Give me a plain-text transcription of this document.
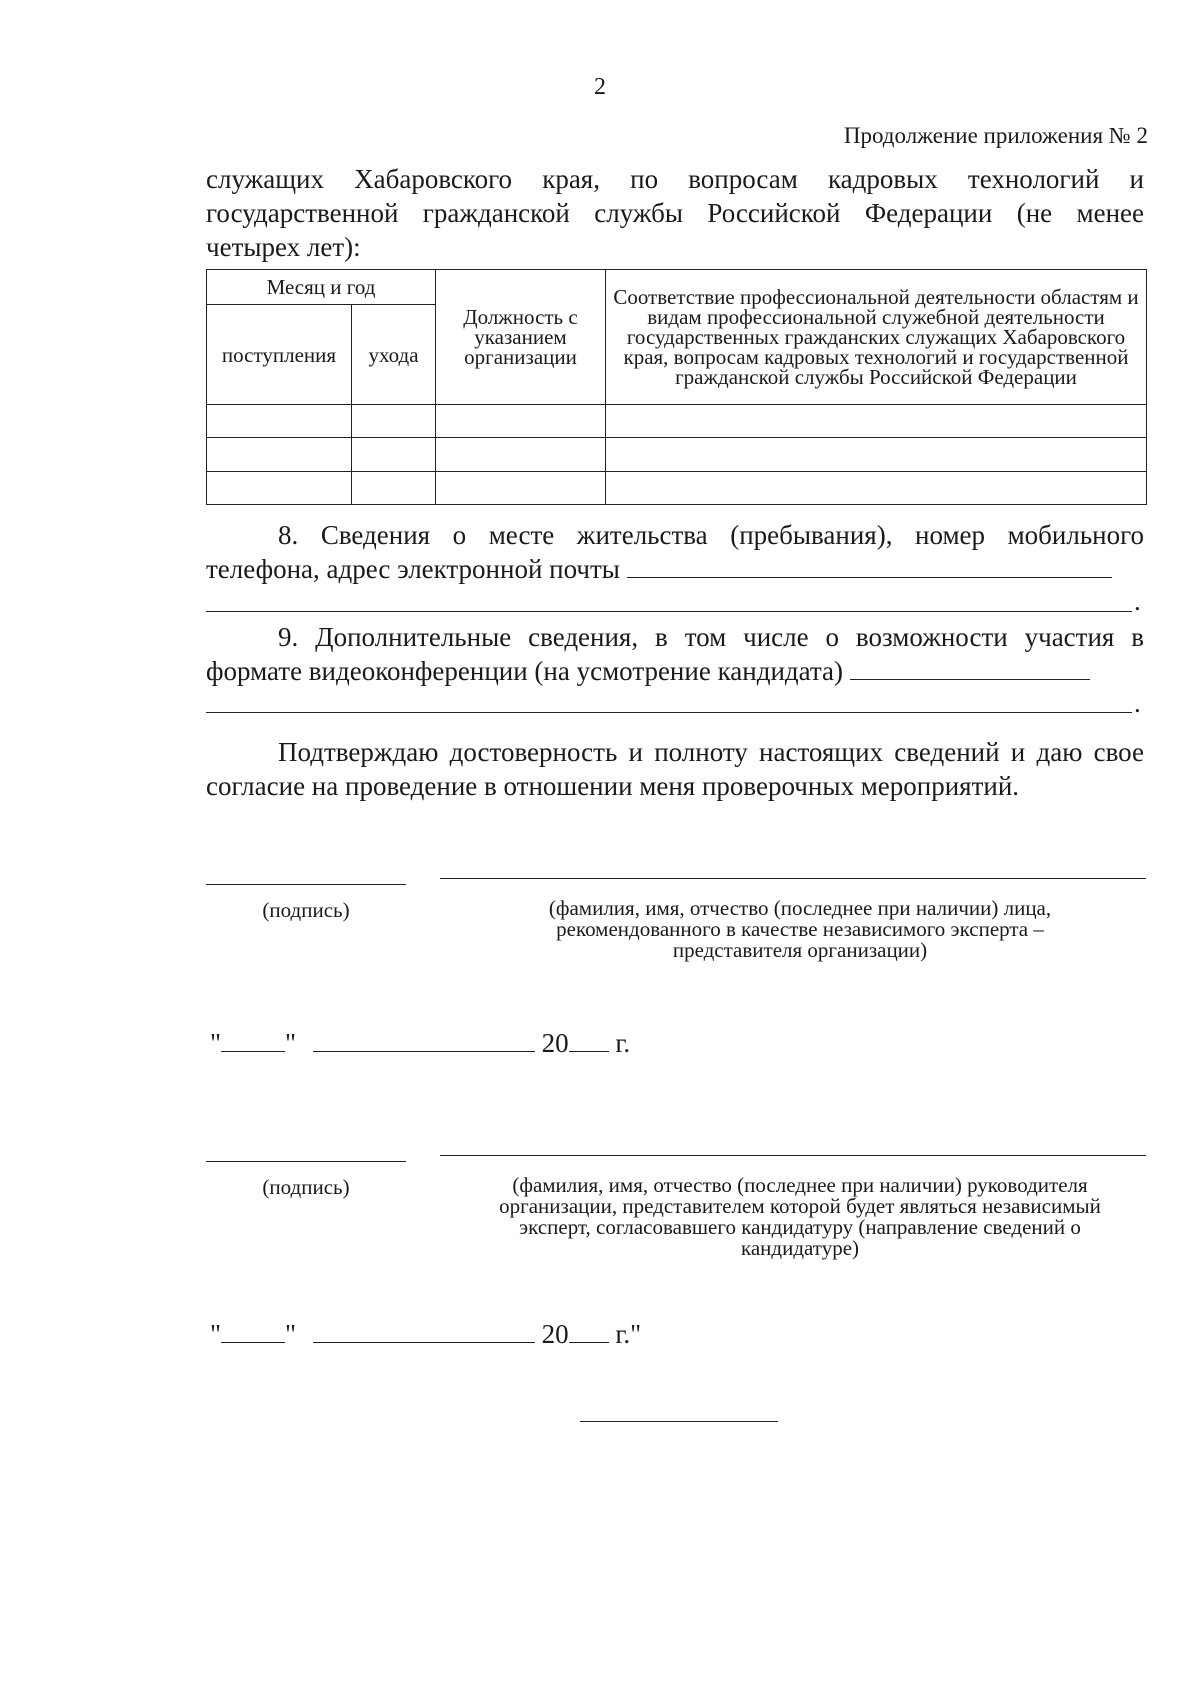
2
Продолжение приложения № 2
служащих Хабаровского края, по вопросам кадровых технологий и
государственной гражданской службы Российской Федерации (не менее
четырех лет):
Месяц и год		Должность с указанием организации	Соответствие профессиональной деятельности областям и видам профессиональной служебной деятельности государственных гражданских служащих Хабаровского края, вопросам кадровых технологий и государственной гражданской службы Российской Федерации
поступления	ухода		

8. Сведения о месте жительства (пребывания), номер мобильного
телефона, адрес электронной почты
.
9. Дополнительные сведения, в том числе о возможности участия в
формате видеоконференции (на усмотрение кандидата)
.
Подтверждаю достоверность и полноту настоящих сведений и даю свое
согласие на проведение в отношении меня проверочных мероприятий.
(подпись)	(фамилия, имя, отчество (последнее при наличии) лица, рекомендованного в качестве независимого эксперта – представителя организации)
" "	20 г.
(подпись)	(фамилия, имя, отчество (последнее при наличии) руководителя организации, представителем которой будет являться независимый эксперт, согласовавшего кандидатуру (направление сведений о кандидатуре)
" "	20 г."
